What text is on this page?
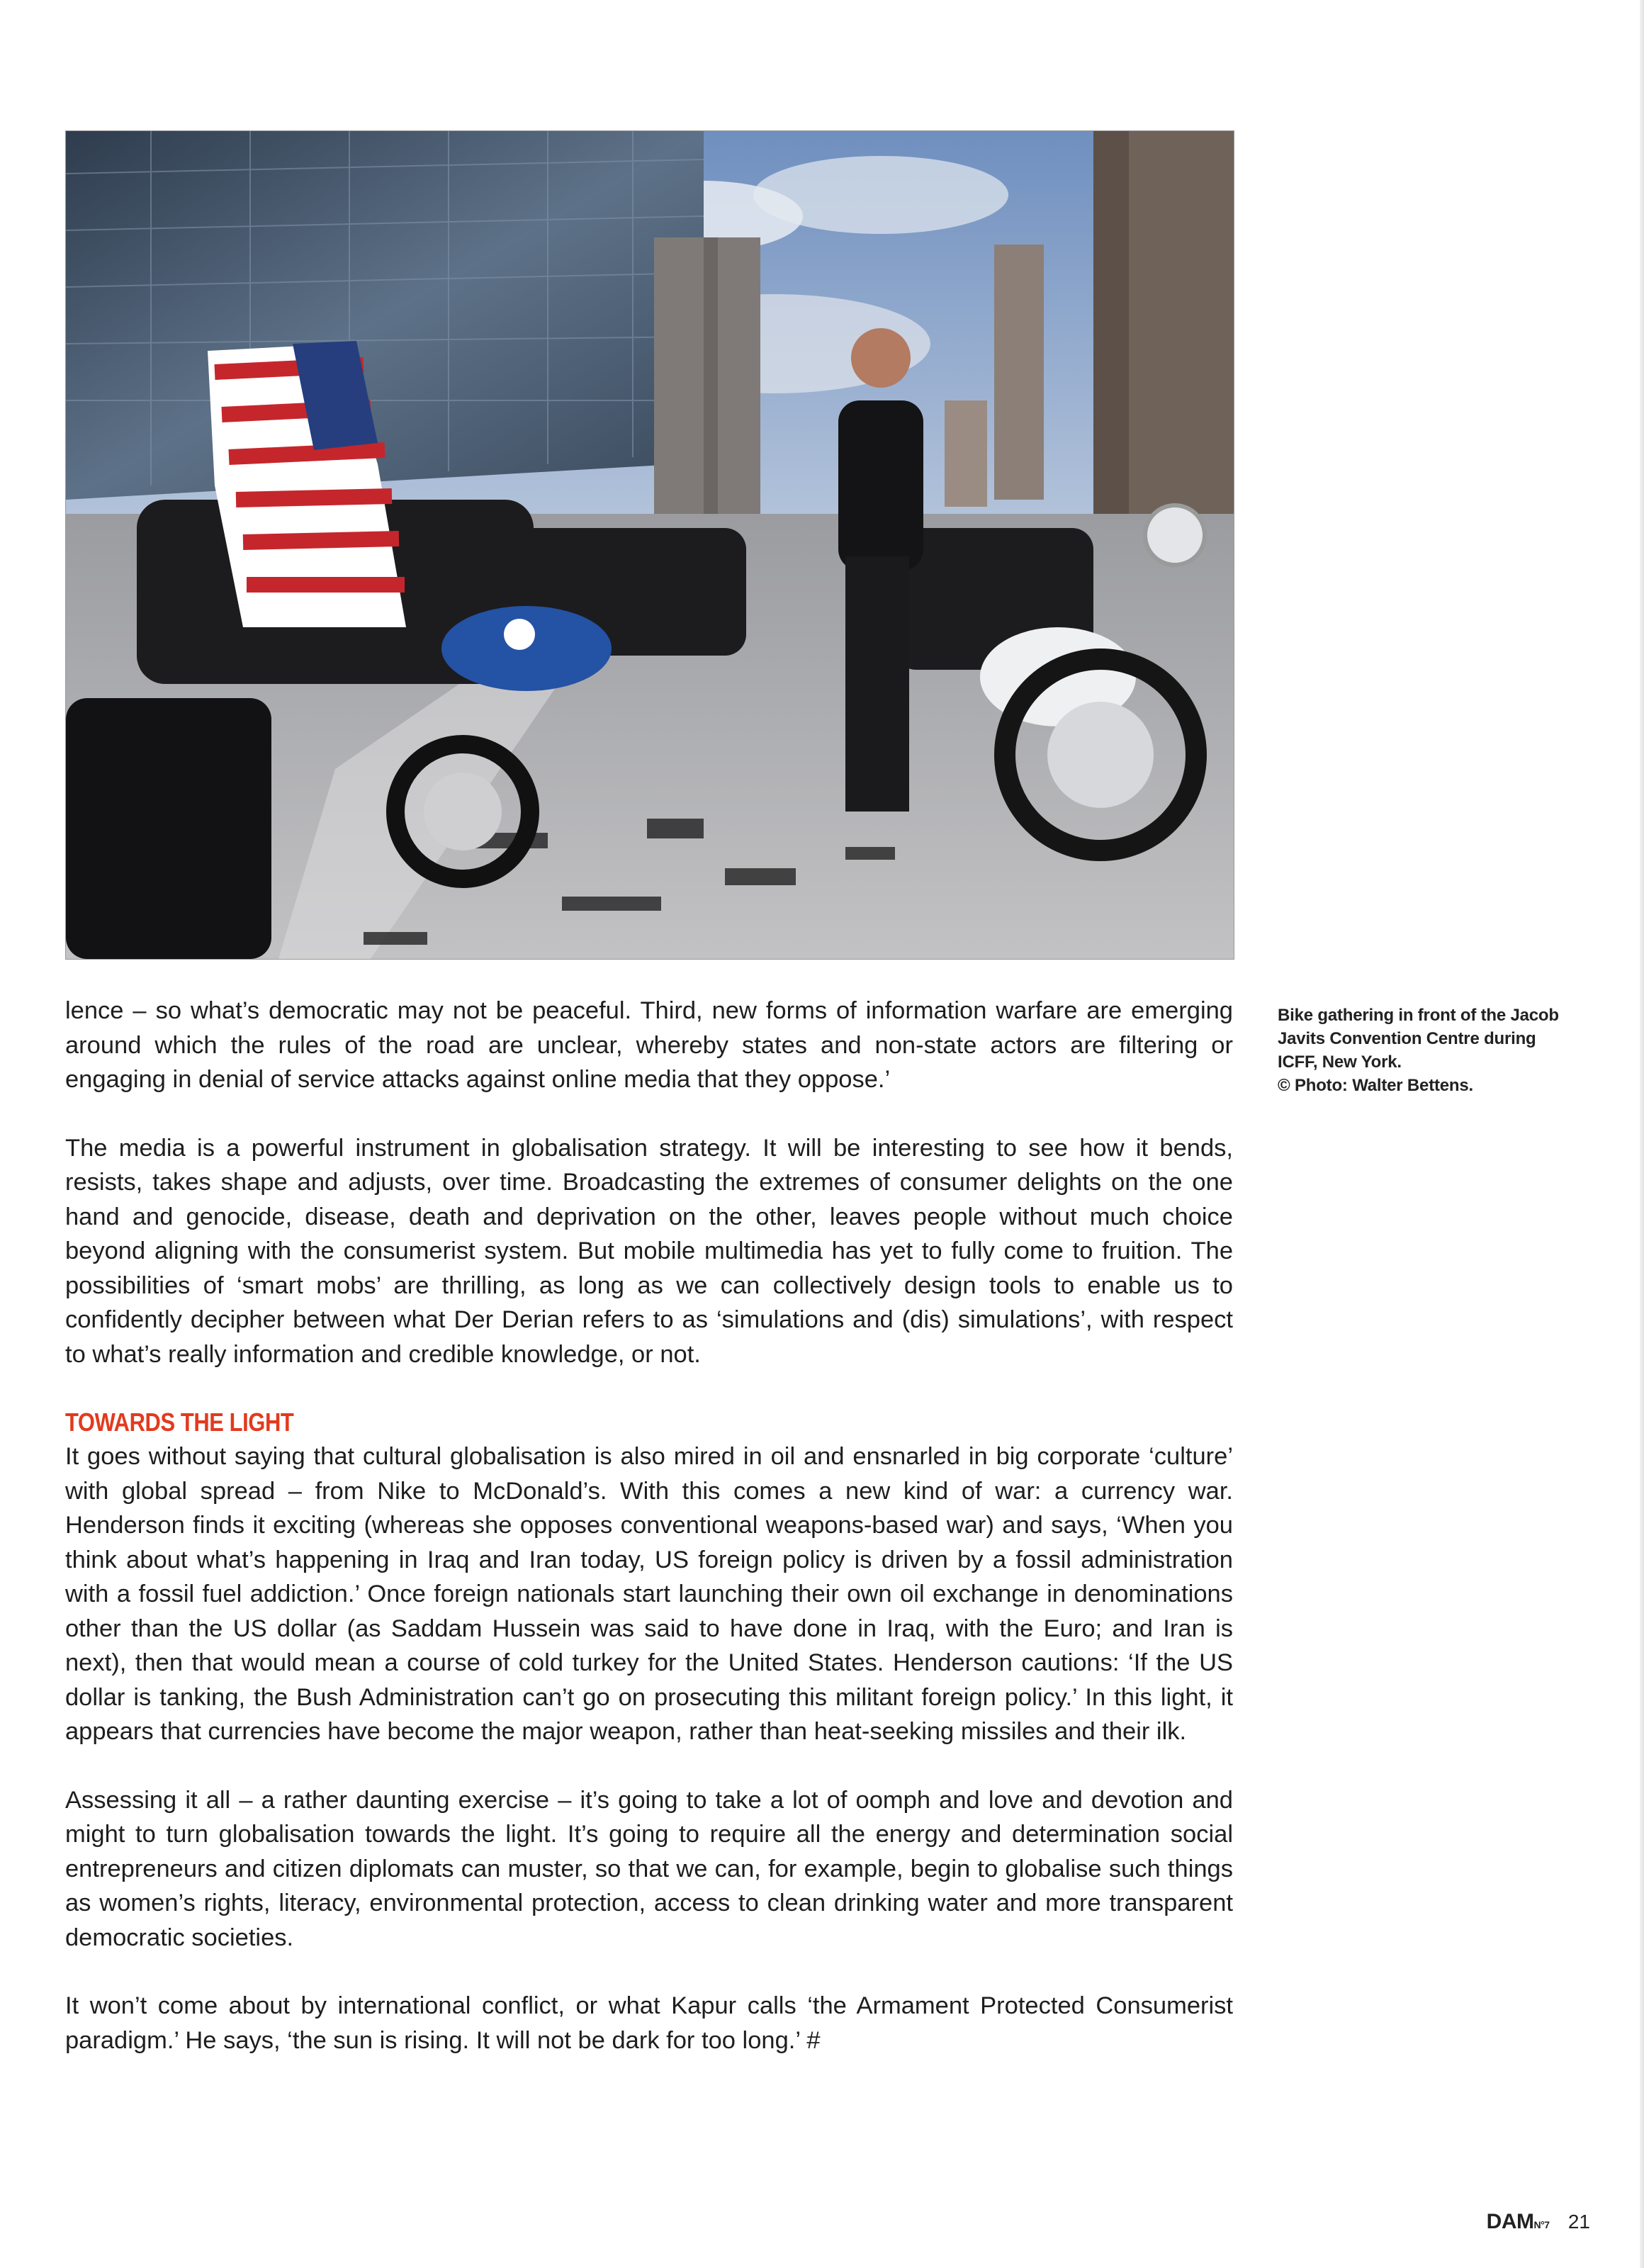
Bike gathering in front of the Jacob
Javits Convention Centre during
ICFF, New York.
© Photo: Walter Bettens.

lence – so what’s democratic may not be peaceful. Third, new forms of information warfare are emerging around which the rules of the road are unclear, whereby states and non-state actors are filtering or engaging in denial of service attacks against online media that they oppose.’

The media is a powerful instrument in globalisation strategy. It will be interesting to see how it bends, resists, takes shape and adjusts, over time. Broadcasting the extremes of consumer delights on the one hand and genocide, disease, death and deprivation on the other, leaves people without much choice beyond aligning with the consumerist system. But mobile multimedia has yet to fully come to fruition. The possibilities of ‘smart mobs’ are thrilling, as long as we can collectively design tools to enable us to confidently decipher between what Der Derian refers to as ‘simulations and (dis) simulations’, with respect to what’s really information and credible knowledge, or not.

TOWARDS THE LIGHT

It goes without saying that cultural globalisation is also mired in oil and ensnarled in big corporate ‘culture’ with global spread – from Nike to McDonald’s. With this comes a new kind of war: a currency war. Henderson finds it exciting (whereas she opposes conventional weapons-based war) and says, ‘When you think about what’s happening in Iraq and Iran today, US foreign policy is driven by a fossil administration with a fossil fuel addiction.’ Once foreign nationals start launching their own oil exchange in denominations other than the US dollar (as Saddam Hussein was said to have done in Iraq, with the Euro; and Iran is next), then that would mean a course of cold turkey for the United States. Henderson cautions: ‘If the US dollar is tanking, the Bush Administration can’t go on prosecuting this militant foreign policy.’ In this light, it appears that currencies have become the major weapon, rather than heat-seeking missiles and their ilk.

Assessing it all – a rather daunting exercise – it’s going to take a lot of oomph and love and devotion and might to turn globalisation towards the light. It’s going to require all the energy and determination social entrepreneurs and citizen diplomats can muster, so that we can, for example, begin to globalise such things as women’s rights, literacy, environmental protection, access to clean drinking water and more transparent democratic societies.

It won’t come about by international conflict, or what Kapur calls ‘the Armament Protected Consumerist paradigm.’ He says, ‘the sun is rising. It will not be dark for too long.’ #

DAMN°7 21
